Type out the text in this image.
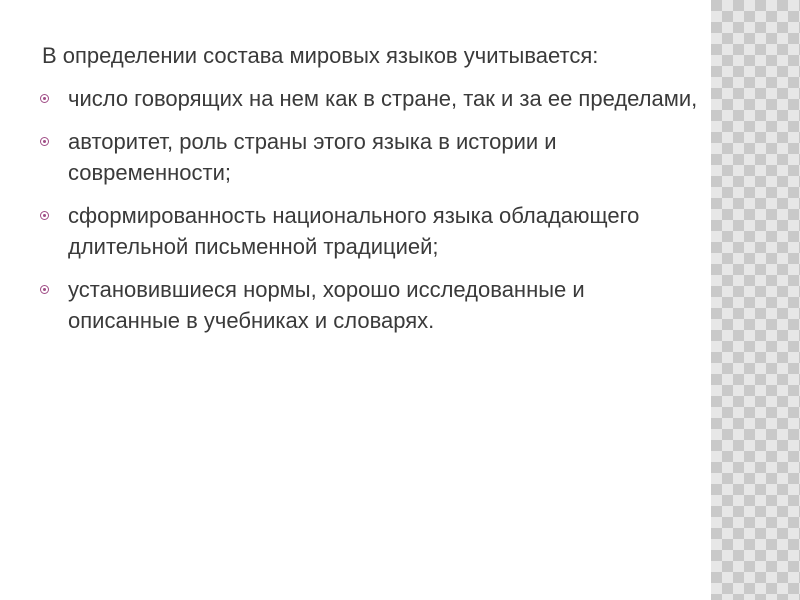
В определении состава мировых языков учитывается:

число говорящих на нем как в стране, так и за ее пределами,
авторитет, роль страны этого языка в истории и современности;
сформированность национального языка обладающего длительной письменной традицией;
установившиеся нормы, хорошо исследованные и описанные в учебниках и словарях.
